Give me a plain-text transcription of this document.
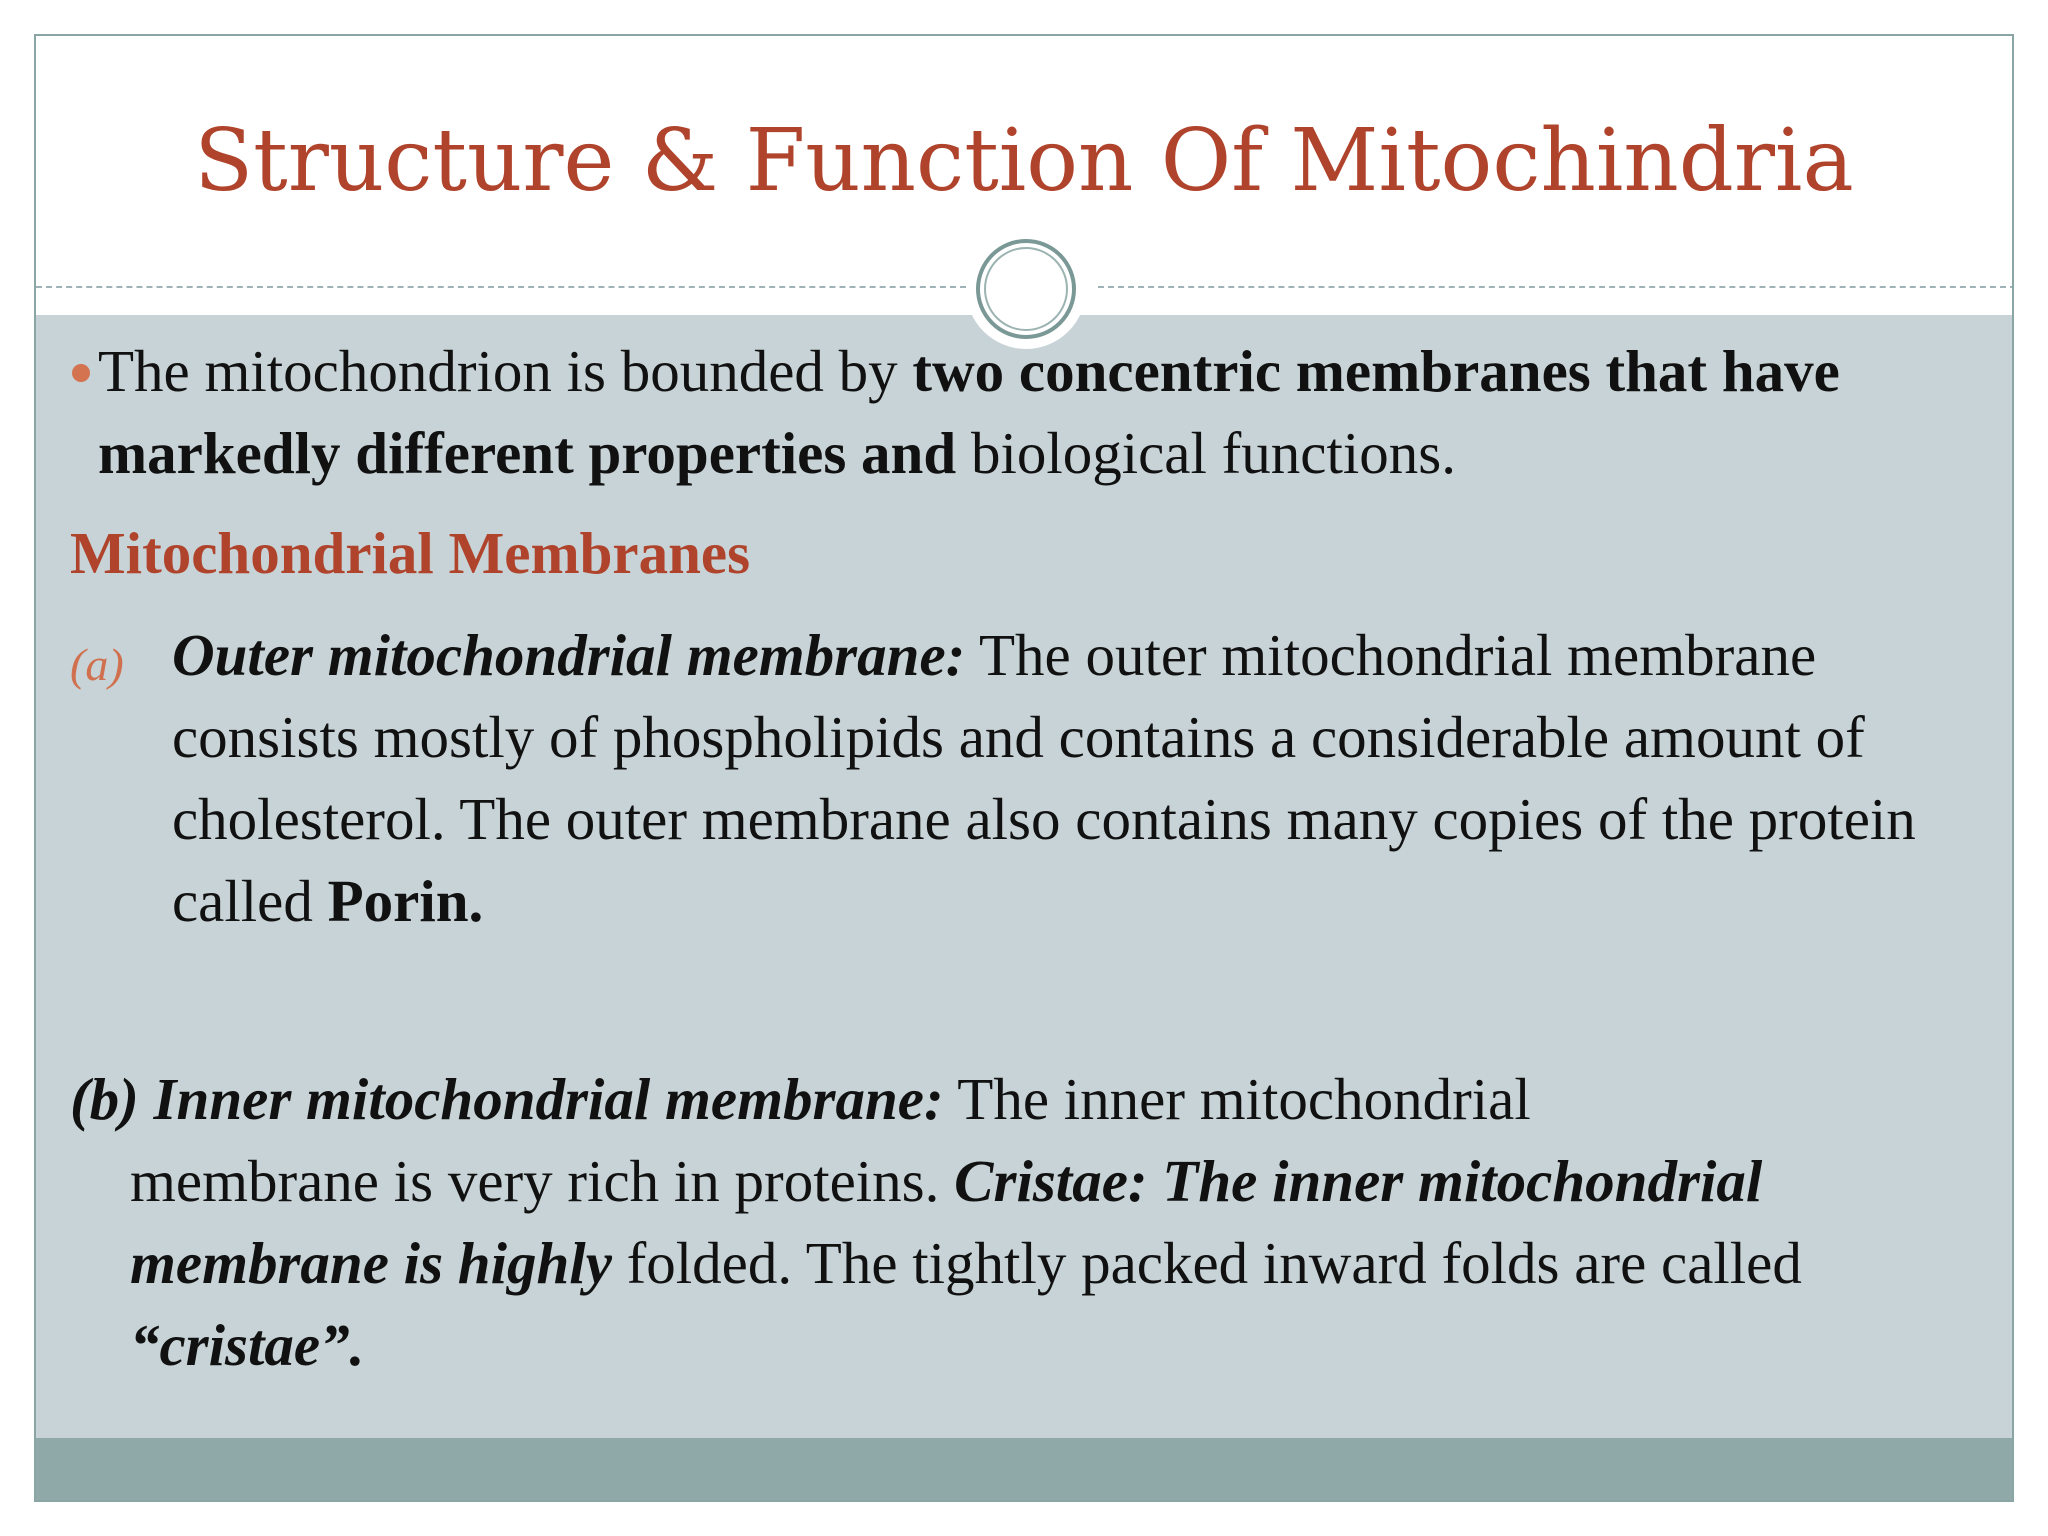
Structure & Function Of Mitochindria
The mitochondrion is bounded by two concentric membranes that have markedly different properties and biological functions.
Mitochondrial Membranes
(a) Outer mitochondrial membrane: The outer mitochondrial membrane consists mostly of phospholipids and contains a considerable amount of cholesterol. The outer membrane also contains many copies of the protein called Porin.
(b) Inner mitochondrial membrane: The inner mitochondrial
membrane is very rich in proteins. Cristae: The inner mitochondrial membrane is highly folded. The tightly packed inward folds are called “cristae”.
